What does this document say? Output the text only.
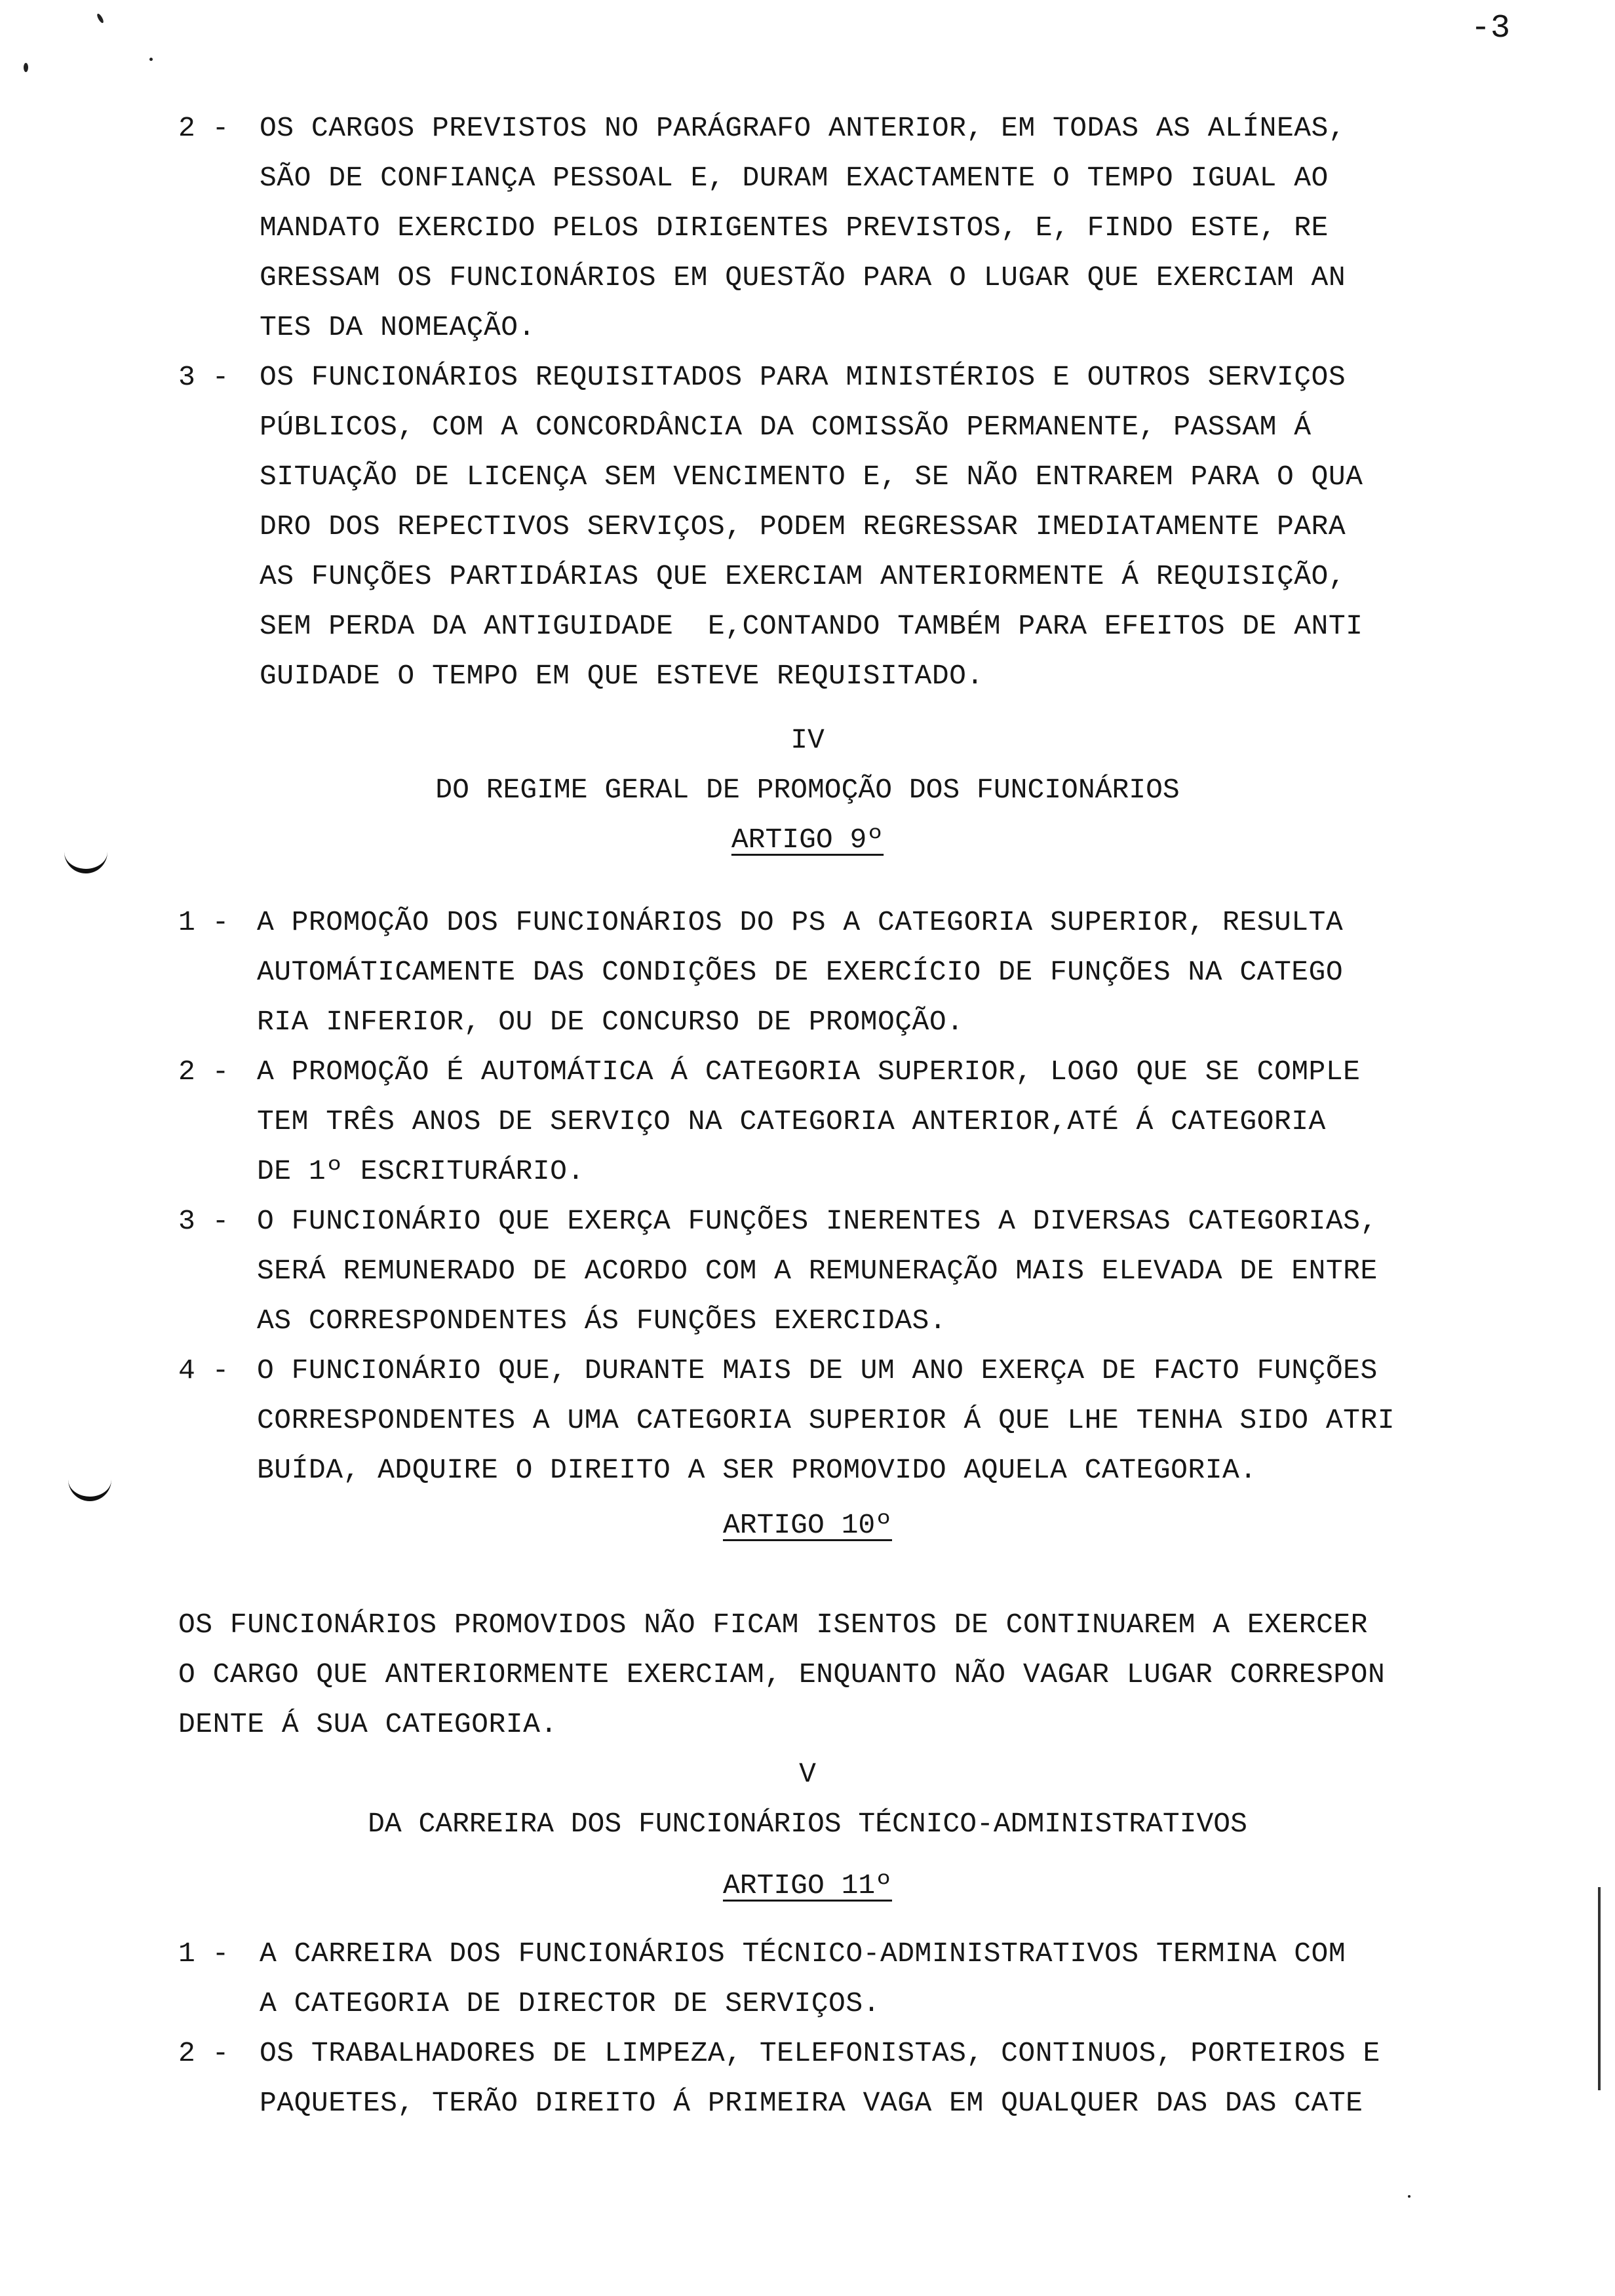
-3
2 - OS CARGOS PREVISTOS NO PARÁGRAFO ANTERIOR, EM TODAS AS ALÍNEAS,
SÃO DE CONFIANÇA PESSOAL E, DURAM EXACTAMENTE O TEMPO IGUAL AO
MANDATO EXERCIDO PELOS DIRIGENTES PREVISTOS, E, FINDO ESTE, RE
GRESSAM OS FUNCIONÁRIOS EM QUESTÃO PARA O LUGAR QUE EXERCIAM AN
TES DA NOMEAÇÃO.
3 - OS FUNCIONÁRIOS REQUISITADOS PARA MINISTÉRIOS E OUTROS SERVIÇOS
PÚBLICOS, COM A CONCORDÂNCIA DA COMISSÃO PERMANENTE, PASSAM Á
SITUAÇÃO DE LICENÇA SEM VENCIMENTO E, SE NÃO ENTRAREM PARA O QUA
DRO DOS REPECTIVOS SERVIÇOS, PODEM REGRESSAR IMEDIATAMENTE PARA
AS FUNÇÕES PARTIDÁRIAS QUE EXERCIAM ANTERIORMENTE Á REQUISIÇÃO,
SEM PERDA DA ANTIGUIDADE  E,CONTANDO TAMBÉM PARA EFEITOS DE ANTI
GUIDADE O TEMPO EM QUE ESTEVE REQUISITADO.
IV
DO REGIME GERAL DE PROMOÇÃO DOS FUNCIONÁRIOS
ARTIGO 9º
1 - A PROMOÇÃO DOS FUNCIONÁRIOS DO PS A CATEGORIA SUPERIOR, RESULTA
AUTOMÁTICAMENTE DAS CONDIÇÕES DE EXERCÍCIO DE FUNÇÕES NA CATEGO
RIA INFERIOR, OU DE CONCURSO DE PROMOÇÃO.
2 - A PROMOÇÃO É AUTOMÁTICA Á CATEGORIA SUPERIOR, LOGO QUE SE COMPLE
TEM TRÊS ANOS DE SERVIÇO NA CATEGORIA ANTERIOR,ATÉ Á CATEGORIA
DE 1º ESCRITURÁRIO.
3 - O FUNCIONÁRIO QUE EXERÇA FUNÇÕES INERENTES A DIVERSAS CATEGORIAS,
SERÁ REMUNERADO DE ACORDO COM A REMUNERAÇÃO MAIS ELEVADA DE ENTRE
AS CORRESPONDENTES ÁS FUNÇÕES EXERCIDAS.
4 - O FUNCIONÁRIO QUE, DURANTE MAIS DE UM ANO EXERÇA DE FACTO FUNÇÕES
CORRESPONDENTES A UMA CATEGORIA SUPERIOR Á QUE LHE TENHA SIDO ATRI
BUÍDA, ADQUIRE O DIREITO A SER PROMOVIDO AQUELA CATEGORIA.
ARTIGO 10º
OS FUNCIONÁRIOS PROMOVIDOS NÃO FICAM ISENTOS DE CONTINUAREM A EXERCER
O CARGO QUE ANTERIORMENTE EXERCIAM, ENQUANTO NÃO VAGAR LUGAR CORRESPON
DENTE Á SUA CATEGORIA.
V
DA CARREIRA DOS FUNCIONÁRIOS TÉCNICO-ADMINISTRATIVOS
ARTIGO 11º
1 - A CARREIRA DOS FUNCIONÁRIOS TÉCNICO-ADMINISTRATIVOS TERMINA COM
A CATEGORIA DE DIRECTOR DE SERVIÇOS.
2 - OS TRABALHADORES DE LIMPEZA, TELEFONISTAS, CONTINUOS, PORTEIROS E
PAQUETES, TERÃO DIREITO Á PRIMEIRA VAGA EM QUALQUER DAS DAS CATE
